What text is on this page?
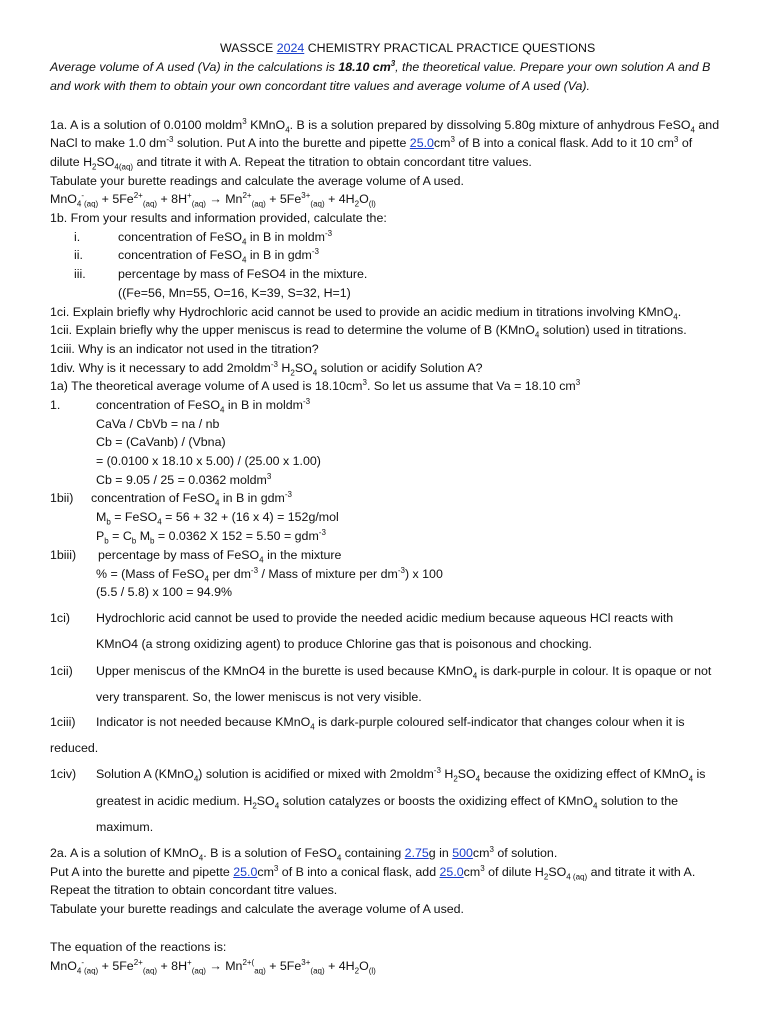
WASSCE 2024 CHEMISTRY PRACTICAL PRACTICE QUESTIONS
Average volume of A used (Va) in the calculations is 18.10 $cm^3$, the theoretical value. Prepare your own solution A and B
and work with them to obtain your own concordant titre values and average volume of A used (Va).
1a. A is a solution of 0.0100 moldm$^3$ KMnO$_4$. B is a solution prepared by dissolving 5.80g mixture of anhydrous FeSO$_4$ and
NaCl to make 1.0 $dm^{-3}$ solution. Put A into the burette and pipette $25.0cm^3$ of B into a conical flask. Add to it 10 $cm^3$ of
dilute $H_2SO_{4(aq)}$ and titrate it with A. Repeat the titration to obtain concordant titre values.
Tabulate your burette readings and calculate the average volume of A used.
$MnO_4^-_{(aq)} + 5Fe^{2+}_{(aq)} + 8H^+_{(aq)} \to Mn^{2+}_{(aq)} + 5Fe^{3+}_{(aq)} + 4H_2O_{(l)}$
1b. From your results and information provided, calculate the:
i.	concentration of FeSO$_4$ in B in moldm$^{-3}$
ii.	concentration of FeSO$_4$ in B in gdm$^{-3}$
iii.	percentage by mass of FeSO4 in the mixture.
((Fe=56, Mn=55, O=16, K=39, S=32, H=1)
1ci. Explain briefly why Hydrochloric acid cannot be used to provide an acidic medium in titrations involving KMnO$_4$.
1cii. Explain briefly why the upper meniscus is read to determine the volume of B (KMnO$_4$ solution) used in titrations.
1ciii. Why is an indicator not used in the titration?
1div. Why is it necessary to add 2moldm$^{-3}$ $H_2SO_4$ solution or acidify Solution A?
1a) The theoretical average volume of A used is $18.10cm^3$. So let us assume that Va = 18.10 $cm^3$
1.	concentration of FeSO$_4$ in B in moldm$^{-3}$
CaVa / CbVb = na / nb
Cb = (CaVanb) / (Vbna)
= (0.0100 x 18.10 x 5.00) / (25.00 x 1.00)
Cb = 9.05 / 25 = 0.0362 moldm$^3$
1bii) concentration of FeSO$_4$ in B in gdm$^{-3}$
$M_b$ = FeSO$_4$ = 56 + 32 + (16 x 4) = 152g/mol
$P_b = C_b$ $M_b = 0.0362$ X 152 = 5.50 = gdm$^{-3}$
1biii) percentage by mass of FeSO$_4$ in the mixture
% = (Mass of FeSO$_4$ per $dm^{-3}$ / Mass of mixture per $dm^{-3}$) x 100
(5.5 / 5.8) x 100 = 94.9%
1ci) Hydrochloric acid cannot be used to provide the needed acidic medium because aqueous HCl reacts with
KMnO4 (a strong oxidizing agent) to produce Chlorine gas that is poisonous and chocking.
1cii) Upper meniscus of the KMnO4 in the burette is used because KMnO$_4$ is dark-purple in colour. It is opaque or not
very transparent. So, the lower meniscus is not very visible.
1ciii) Indicator is not needed because KMnO$_4$ is dark-purple coloured self-indicator that changes colour when it is
reduced.
1civ) Solution A (KMnO$_4$) solution is acidified or mixed with 2moldm$^{-3}$ $H_2SO_4$ because the oxidizing effect of KMnO$_4$ is
greatest in acidic medium. $H_2SO_4$ solution catalyzes or boosts the oxidizing effect of KMnO$_4$ solution to the
maximum.
2a. A is a solution of KMnO$_4$. B is a solution of FeSO$_4$ containing 2.75g in $500cm^3$ of solution.
Put A into the burette and pipette $25.0cm^3$ of B into a conical flask, add $25.0cm^3$ of dilute $H_2SO_4$ $_{(aq)}$ and titrate it with A.
Repeat the titration to obtain concordant titre values.
Tabulate your burette readings and calculate the average volume of A used.
The equation of the reactions is:
$MnO_4^-_{(aq)} + 5Fe^{2+}_{(aq)} + 8H^+_{(aq)} \to Mn^{2+(}_{aq)} + 5Fe^{3+}_{(aq)} + 4H_2O_{(l)}$
